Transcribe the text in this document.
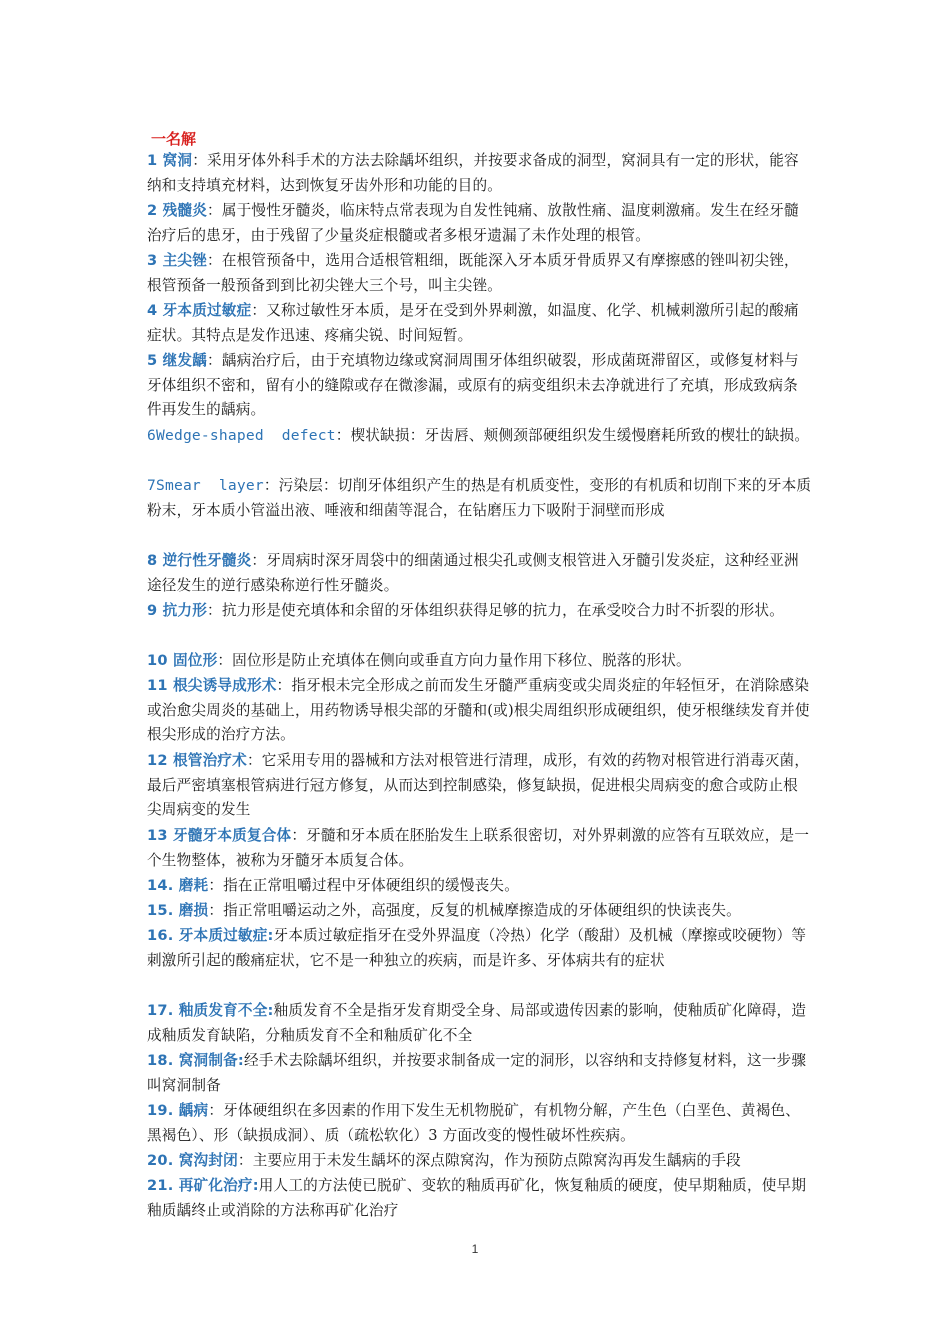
一名解
1 窝洞：采用牙体外科手术的方法去除龋坏组织，并按要求备成的洞型，窝洞具有一定的形状，能容纳和支持填充材料，达到恢复牙齿外形和功能的目的。
2 残髓炎：属于慢性牙髓炎，临床特点常表现为自发性钝痛、放散性痛、温度刺激痛。发生在经牙髓治疗后的患牙，由于残留了少量炎症根髓或者多根牙遗漏了未作处理的根管。
3 主尖锉：在根管预备中，选用合适根管粗细，既能深入牙本质牙骨质界又有摩擦感的锉叫初尖锉，根管预备一般预备到到比初尖锉大三个号，叫主尖锉。
4 牙本质过敏症：又称过敏性牙本质，是牙在受到外界刺激，如温度、化学、机械刺激所引起的酸痛症状。其特点是发作迅速、疼痛尖锐、时间短暂。
5 继发龋：龋病治疗后，由于充填物边缘或窝洞周围牙体组织破裂，形成菌斑滞留区，或修复材料与牙体组织不密和，留有小的缝隙或存在微渗漏，或原有的病变组织未去净就进行了充填，形成致病条件再发生的龋病。
6Wedge-shaped  defect：楔状缺损：牙齿唇、颊侧颈部硬组织发生缓慢磨耗所致的楔壮的缺损。
7Smear  layer：污染层：切削牙体组织产生的热是有机质变性，变形的有机质和切削下来的牙本质粉末，牙本质小管溢出液、唾液和细菌等混合，在钻磨压力下吸附于洞壁而形成
8 逆行性牙髓炎：牙周病时深牙周袋中的细菌通过根尖孔或侧支根管进入牙髓引发炎症，这种经亚洲途径发生的逆行感染称逆行性牙髓炎。
9 抗力形：抗力形是使充填体和余留的牙体组织获得足够的抗力，在承受咬合力时不折裂的形状。
10 固位形：固位形是防止充填体在侧向或垂直方向力量作用下移位、脱落的形状。
11 根尖诱导成形术：指牙根未完全形成之前而发生牙髓严重病变或尖周炎症的年轻恒牙，在消除感染或治愈尖周炎的基础上，用药物诱导根尖部的牙髓和(或)根尖周组织形成硬组织，使牙根继续发育并使根尖形成的治疗方法。
12 根管治疗术：它采用专用的器械和方法对根管进行清理，成形，有效的药物对根管进行消毒灭菌，最后严密填塞根管病进行冠方修复，从而达到控制感染，修复缺损，促进根尖周病变的愈合或防止根尖周病变的发生
13 牙髓牙本质复合体：牙髓和牙本质在胚胎发生上联系很密切，对外界刺激的应答有互联效应，是一个生物整体，被称为牙髓牙本质复合体。
14. 磨耗：指在正常咀嚼过程中牙体硬组织的缓慢丧失。
15. 磨损：指正常咀嚼运动之外，高强度，反复的机械摩擦造成的牙体硬组织的快读丧失。
16. 牙本质过敏症:牙本质过敏症指牙在受外界温度（冷热）化学（酸甜）及机械（摩擦或咬硬物）等刺激所引起的酸痛症状，它不是一种独立的疾病，而是许多、牙体病共有的症状
17. 釉质发育不全:釉质发育不全是指牙发育期受全身、局部或遗传因素的影响，使釉质矿化障碍，造成釉质发育缺陷，分釉质发育不全和釉质矿化不全
18. 窝洞制备:经手术去除龋坏组织，并按要求制备成一定的洞形，以容纳和支持修复材料，这一步骤叫窝洞制备
19. 龋病：牙体硬组织在多因素的作用下发生无机物脱矿，有机物分解，产生色（白垩色、黄褐色、黑褐色）、形（缺损成洞）、质（疏松软化）3 方面改变的慢性破坏性疾病。
20. 窝沟封闭：主要应用于未发生龋坏的深点隙窝沟，作为预防点隙窝沟再发生龋病的手段
21. 再矿化治疗:用人工的方法使已脱矿、变软的釉质再矿化，恢复釉质的硬度，使早期釉质，使早期釉质龋终止或消除的方法称再矿化治疗
1
